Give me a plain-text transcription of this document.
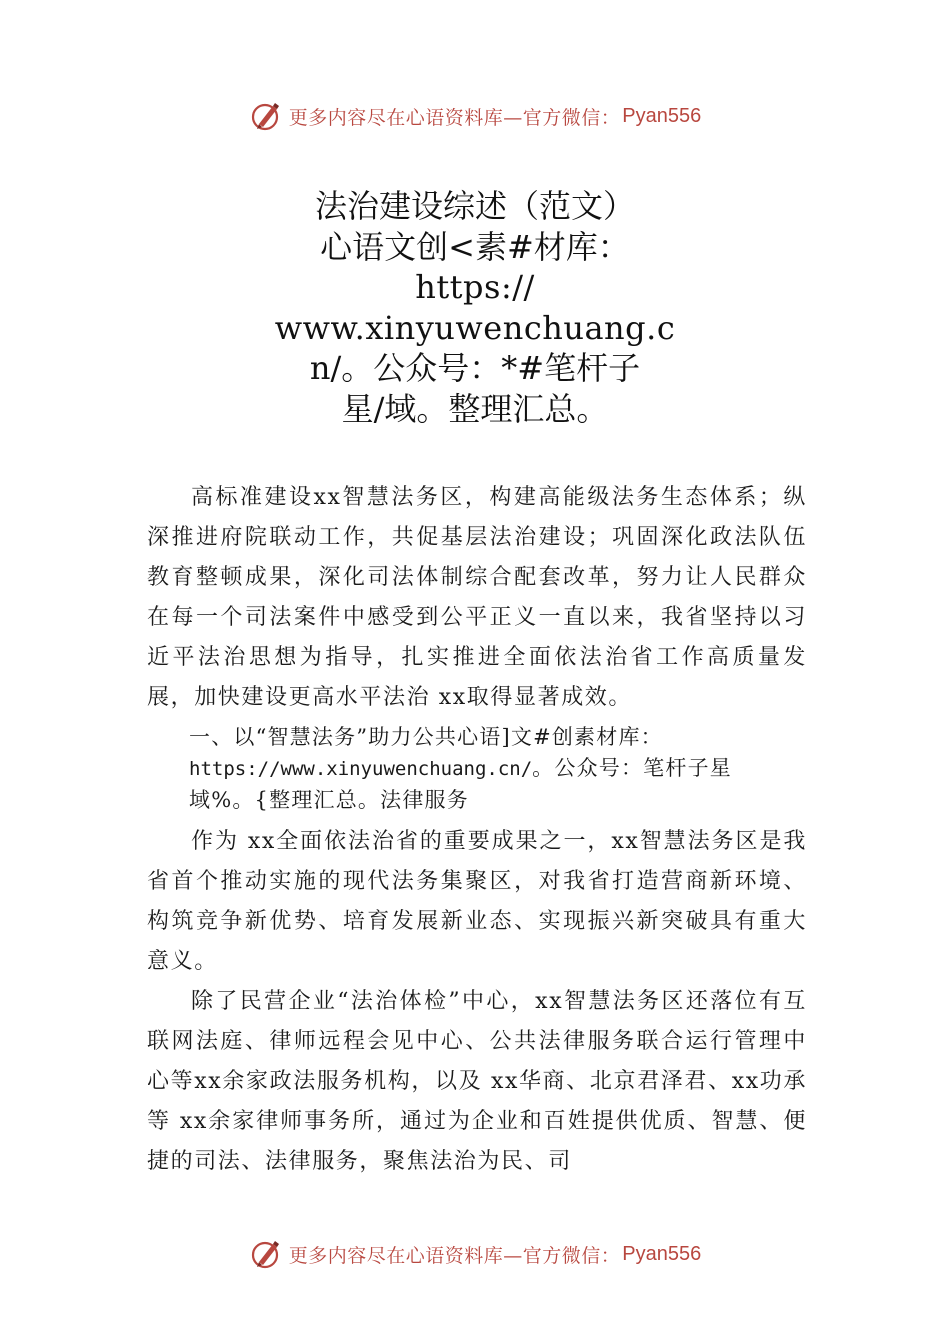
更多内容尽在心语资料库—官方微信： Pyan556
法治建设综述（范文）
心语文创<素#材库：
https://
www.xinyuwenchuang.c
n/。公众号：*#笔杆子
星/域。整理汇总。

高标准建设xx智慧法务区，构建高能级法务生态体系；纵深推进府院联动工作，共促基层法治建设；巩固深化政法队伍教育整顿成果，深化司法体制综合配套改革，努力让人民群众在每一个司法案件中感受到公平正义一直以来，我省坚持以习近平法治思想为指导，扎实推进全面依法治省工作高质量发展，加快建设更高水平法治 xx取得显著成效。

一、以“智慧法务”助力公共心语]文#创素材库：
https://www.xinyuwenchuang.cn/。公众号：笔杆子星
域%。{整理汇总。法律服务

作为 xx全面依法治省的重要成果之一，xx智慧法务区是我省首个推动实施的现代法务集聚区，对我省打造营商新环境、构筑竞争新优势、培育发展新业态、实现振兴新突破具有重大意义。

除了民营企业“法治体检”中心，xx智慧法务区还落位有互联网法庭、律师远程会见中心、公共法律服务联合运行管理中心等xx余家政法服务机构，以及 xx华商、北京君泽君、xx功承等 xx余家律师事务所，通过为企业和百姓提供优质、智慧、便捷的司法、法律服务，聚焦法治为民、司

更多内容尽在心语资料库—官方微信： Pyan556
